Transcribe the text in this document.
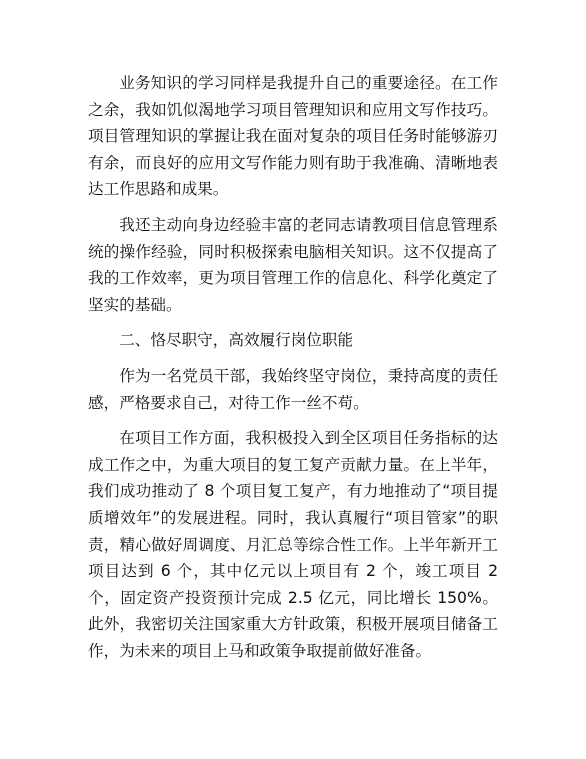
业务知识的学习同样是我提升自己的重要途径。在工作之余，我如饥似渴地学习项目管理知识和应用文写作技巧。项目管理知识的掌握让我在面对复杂的项目任务时能够游刃有余，而良好的应用文写作能力则有助于我准确、清晰地表达工作思路和成果。

我还主动向身边经验丰富的老同志请教项目信息管理系统的操作经验，同时积极探索电脑相关知识。这不仅提高了我的工作效率，更为项目管理工作的信息化、科学化奠定了坚实的基础。

二、恪尽职守，高效履行岗位职能

作为一名党员干部，我始终坚守岗位，秉持高度的责任感，严格要求自己，对待工作一丝不苟。

在项目工作方面，我积极投入到全区项目任务指标的达成工作之中，为重大项目的复工复产贡献力量。在上半年，我们成功推动了 8 个项目复工复产，有力地推动了“项目提质增效年”的发展进程。同时，我认真履行“项目管家”的职责，精心做好周调度、月汇总等综合性工作。上半年新开工项目达到 6 个，其中亿元以上项目有 2 个，竣工项目 2 个，固定资产投资预计完成 2.5 亿元，同比增长 150%。此外，我密切关注国家重大方针政策，积极开展项目储备工作，为未来的项目上马和政策争取提前做好准备。
